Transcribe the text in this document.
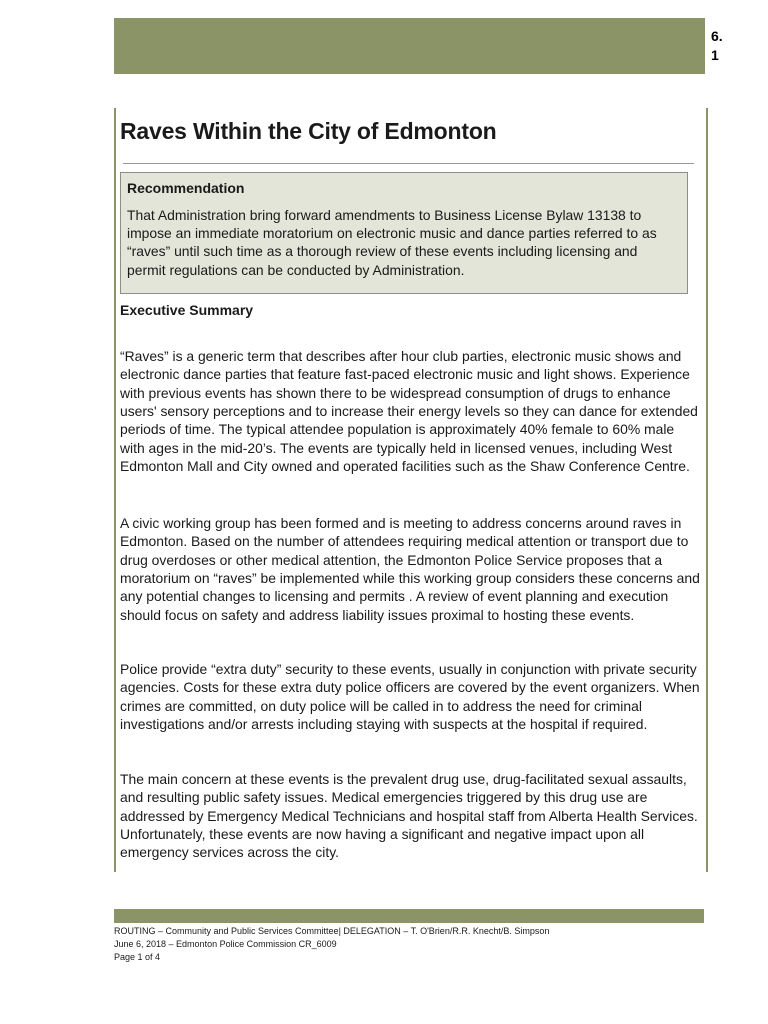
6.
1
Raves Within the City of Edmonton

Recommendation

That Administration bring forward amendments to Business License Bylaw 13138 to impose an immediate moratorium on electronic music and dance parties referred to as “raves” until such time as a thorough review of these events including licensing and permit regulations can be conducted by Administration.

Executive Summary

“Raves” is a generic term that describes after hour club parties, electronic music shows and electronic dance parties that feature fast-paced electronic music and light shows. Experience with previous events has shown there to be widespread consumption of drugs to enhance users' sensory perceptions and to increase their energy levels so they can dance for extended periods of time. The typical attendee population is approximately 40% female to 60% male with ages in the mid-20’s. The events are typically held in licensed venues, including West Edmonton Mall and City owned and operated facilities such as the Shaw Conference Centre.

A civic working group has been formed and is meeting to address concerns around raves in Edmonton. Based on the number of attendees requiring medical attention or transport due to drug overdoses or other medical attention, the Edmonton Police Service proposes that a moratorium on “raves” be implemented while this working group considers these concerns and any potential changes to licensing and permits . A review of event planning and execution should focus on safety and address liability issues proximal to hosting these events.

Police provide “extra duty” security to these events, usually in conjunction with private security agencies. Costs for these extra duty police officers are covered by the event organizers. When crimes are committed, on duty police will be called in to address the need for criminal investigations and/or arrests including staying with suspects at the hospital if required.

The main concern at these events is the prevalent drug use, drug-facilitated sexual assaults, and resulting public safety issues. Medical emergencies triggered by this drug use are addressed by Emergency Medical Technicians and hospital staff from Alberta Health Services. Unfortunately, these events are now having a significant and negative impact upon all emergency services across the city.

ROUTING – Community and Public Services Committee| DELEGATION – T. O'Brien/R.R. Knecht/B. Simpson
June 6, 2018 – Edmonton Police Commission CR_6009
Page 1 of 4
